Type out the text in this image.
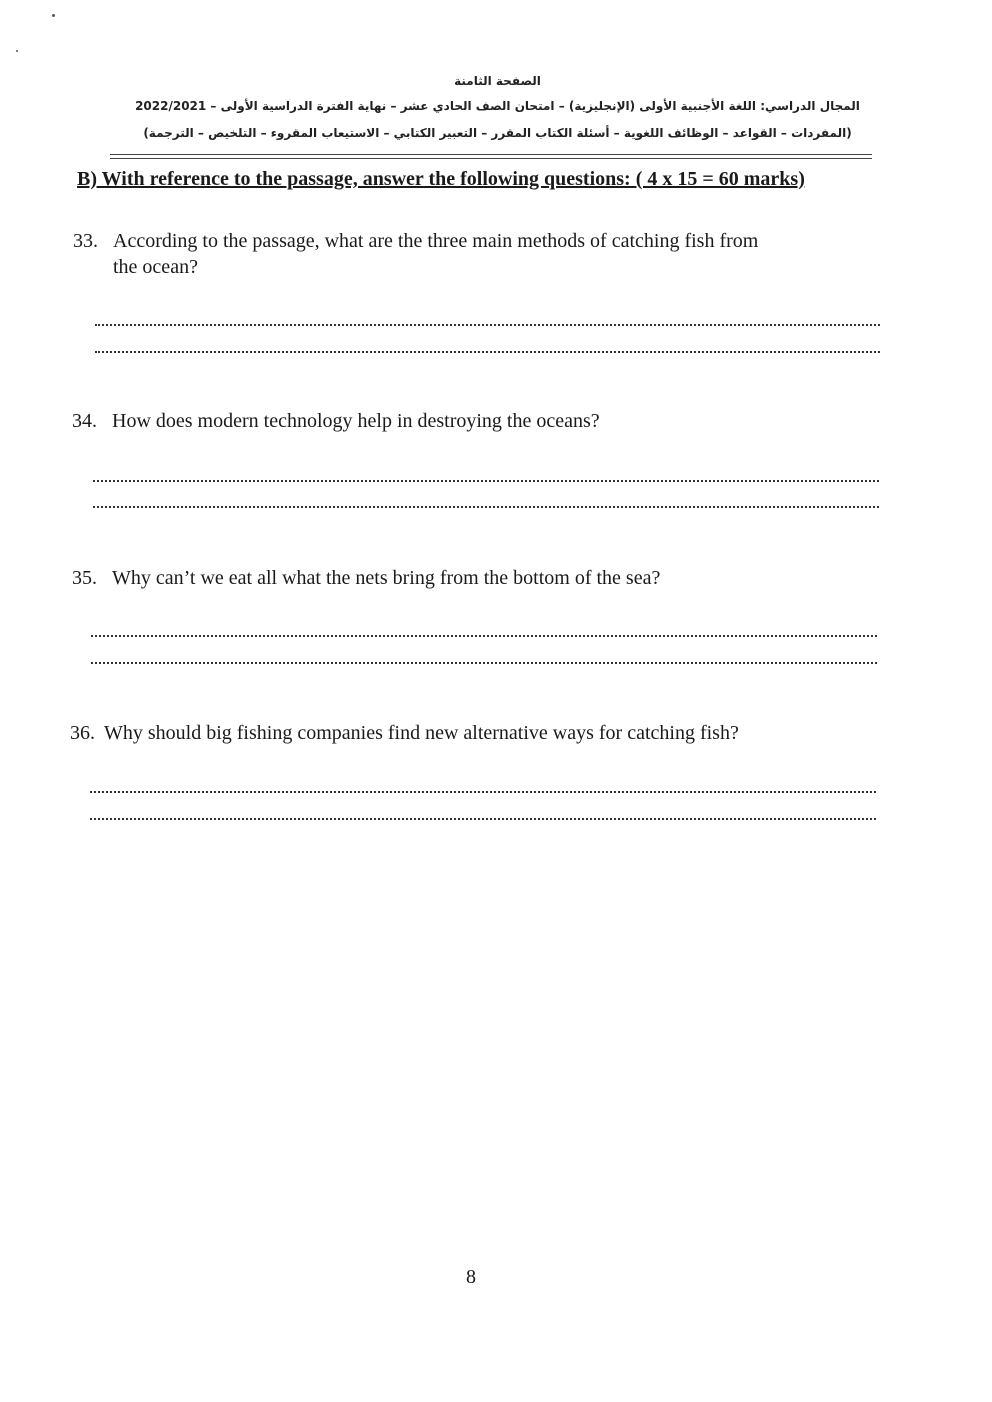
الصفحة الثامنة
المجال الدراسي: اللغة الأجنبية الأولى (الإنجليزية) – امتحان الصف الحادي عشر – نهاية الفترة الدراسية الأولى – 2022/2021
(المفردات – القواعد – الوظائف اللغوية – أسئلة الكتاب المقرر – التعبير الكتابي – الاستيعاب المقروء – التلخيص – الترجمة)
B) With reference to the passage, answer the following questions: ( 4 x 15 = 60 marks)
33. According to the passage, what are the three main methods of catching fish from
the ocean?
34. How does modern technology help in destroying the oceans?
35. Why can’t we eat all what the nets bring from the bottom of the sea?
36. Why should big fishing companies find new alternative ways for catching fish?
8
